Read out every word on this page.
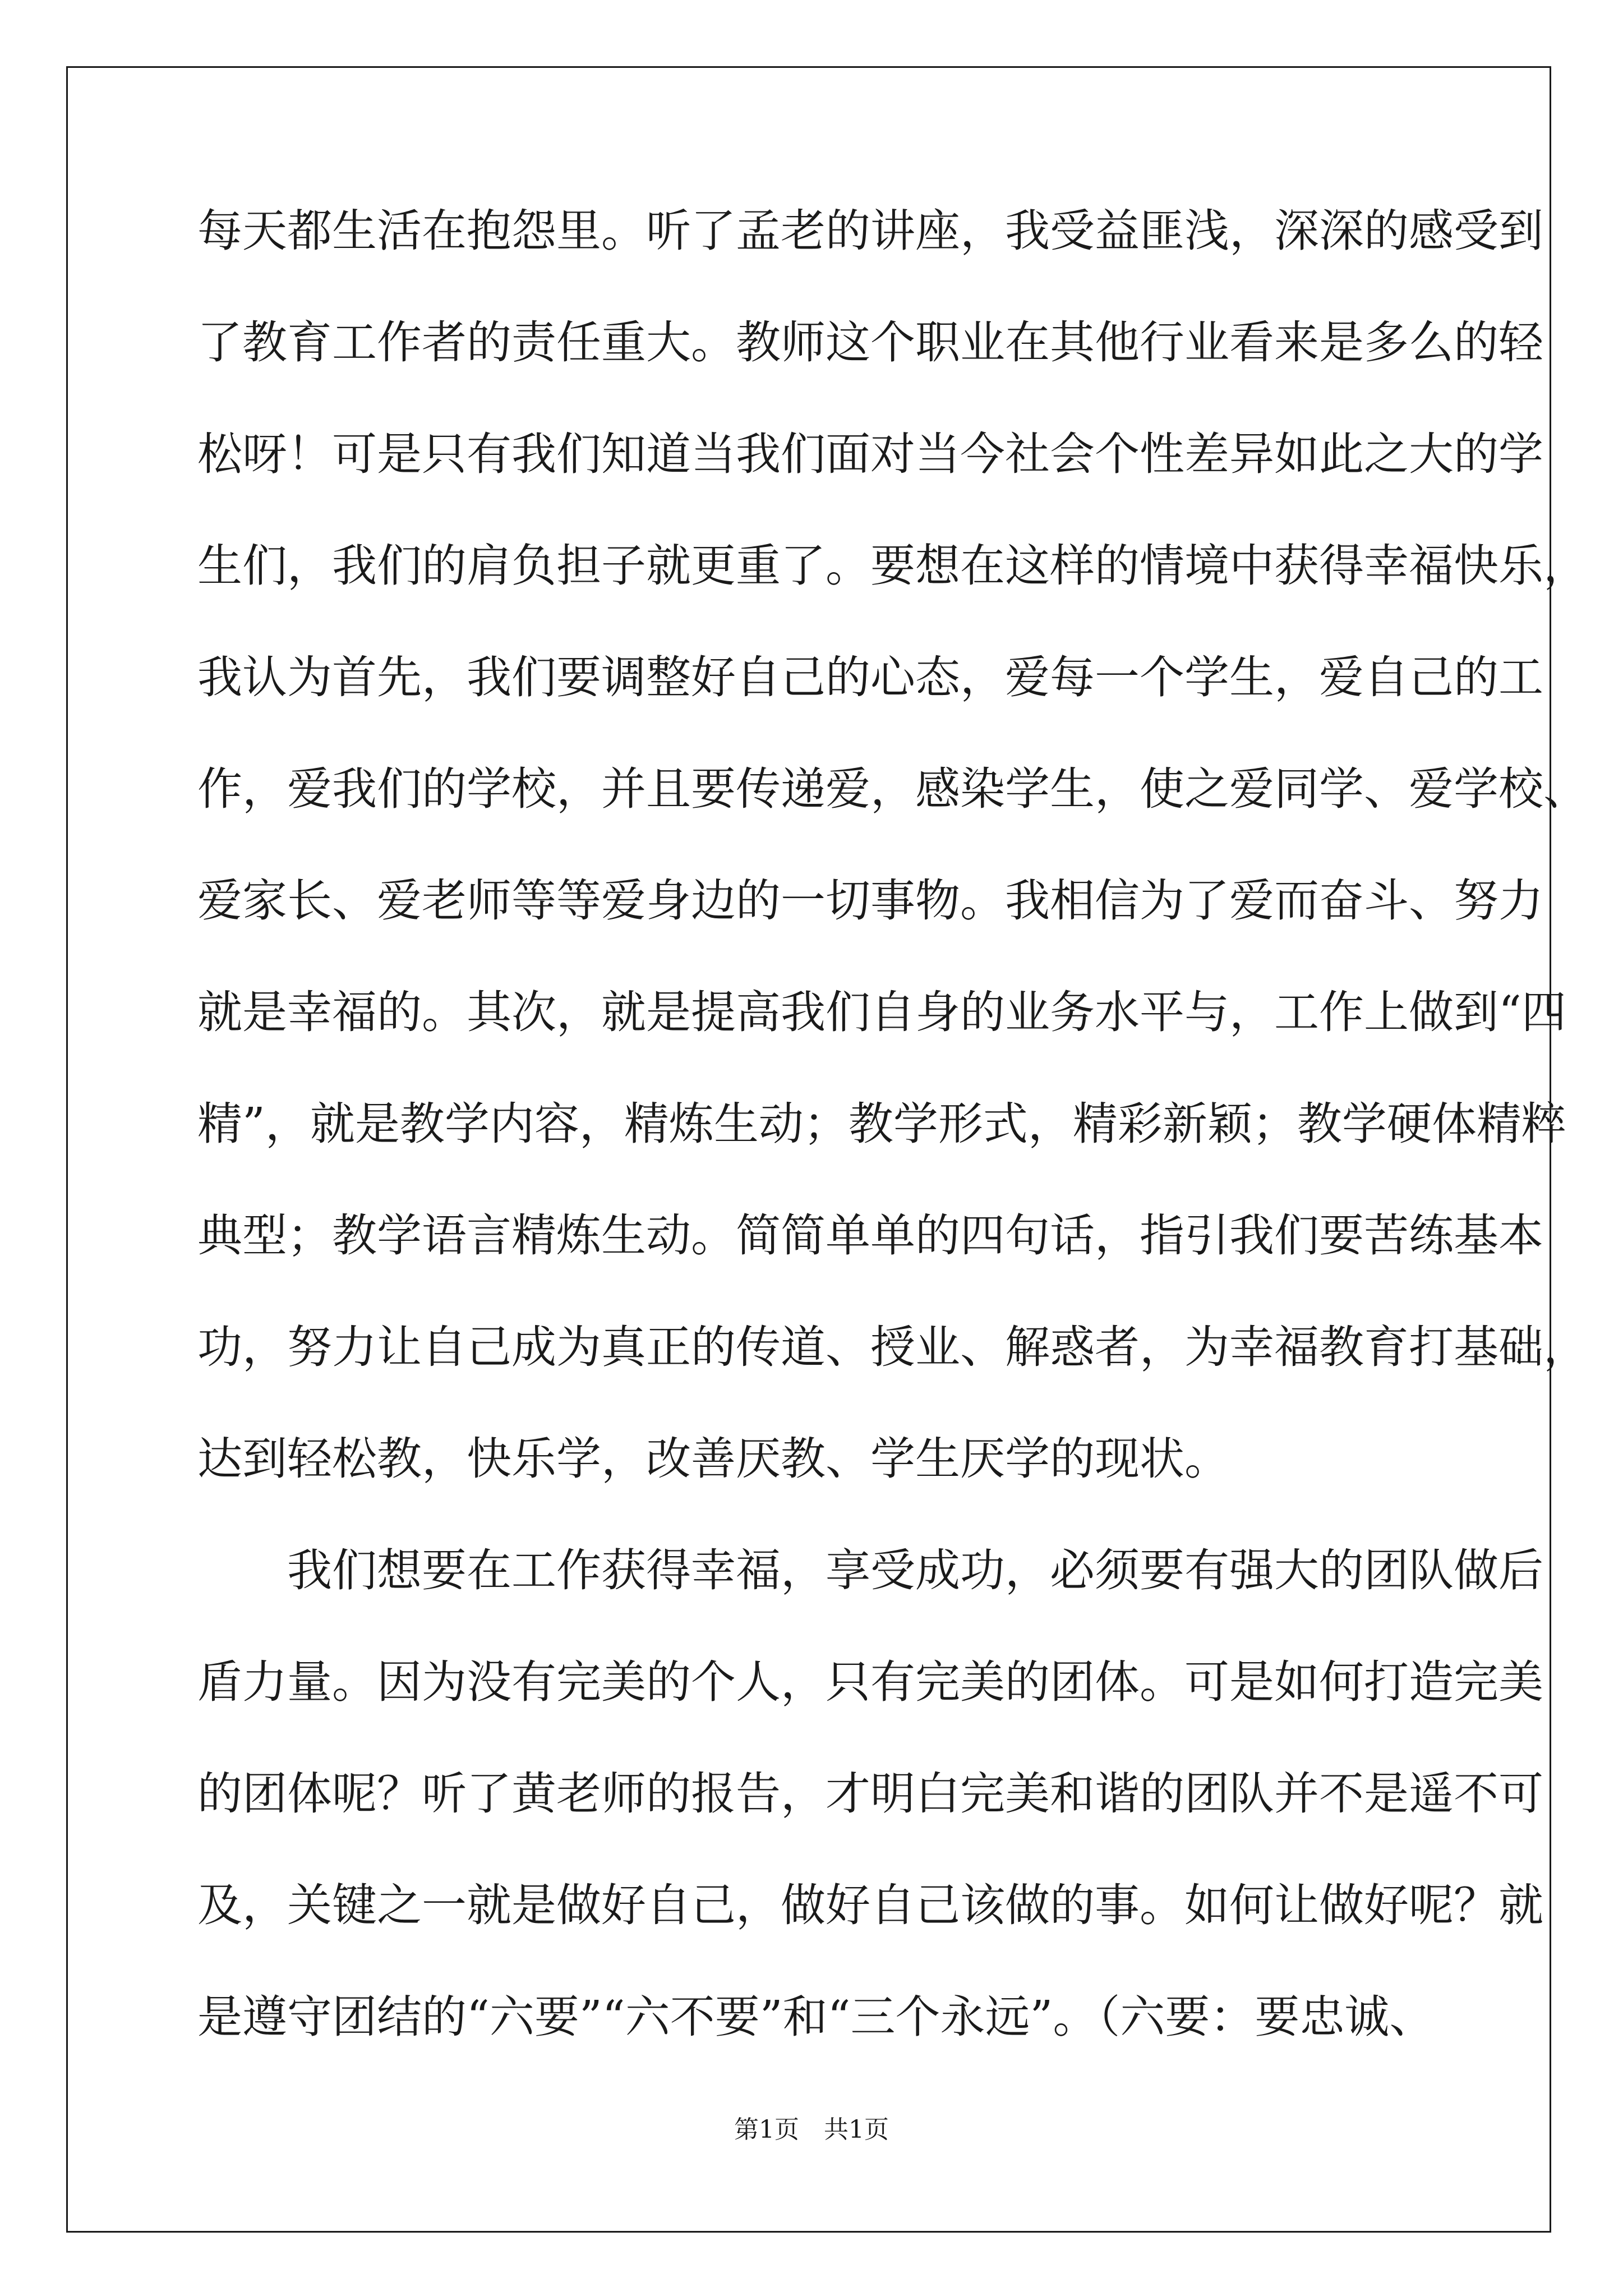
每天都生活在抱怨里。听了孟老的讲座，我受益匪浅，深深的感受到
了教育工作者的责任重大。教师这个职业在其他行业看来是多么的轻
松呀！可是只有我们知道当我们面对当今社会个性差异如此之大的学
生们，我们的肩负担子就更重了。要想在这样的情境中获得幸福快乐，
我认为首先，我们要调整好自己的心态，爱每一个学生，爱自己的工
作，爱我们的学校，并且要传递爱，感染学生，使之爱同学、爱学校、
爱家长、爱老师等等爱身边的一切事物。我相信为了爱而奋斗、努力
就是幸福的。其次，就是提高我们自身的业务水平与，工作上做到“四
精”，就是教学内容，精炼生动；教学形式，精彩新颖；教学硬体精粹
典型；教学语言精炼生动。简简单单的四句话，指引我们要苦练基本
功，努力让自己成为真正的传道、授业、解惑者，为幸福教育打基础，
达到轻松教，快乐学，改善厌教、学生厌学的现状。
　　我们想要在工作获得幸福，享受成功，必须要有强大的团队做后
盾力量。因为没有完美的个人，只有完美的团体。可是如何打造完美
的团体呢？听了黄老师的报告，才明白完美和谐的团队并不是遥不可
及，关键之一就是做好自己，做好自己该做的事。如何让做好呢？就
是遵守团结的“六要”“六不要”和“三个永远”。（六要：要忠诚、
第1页　共1页
